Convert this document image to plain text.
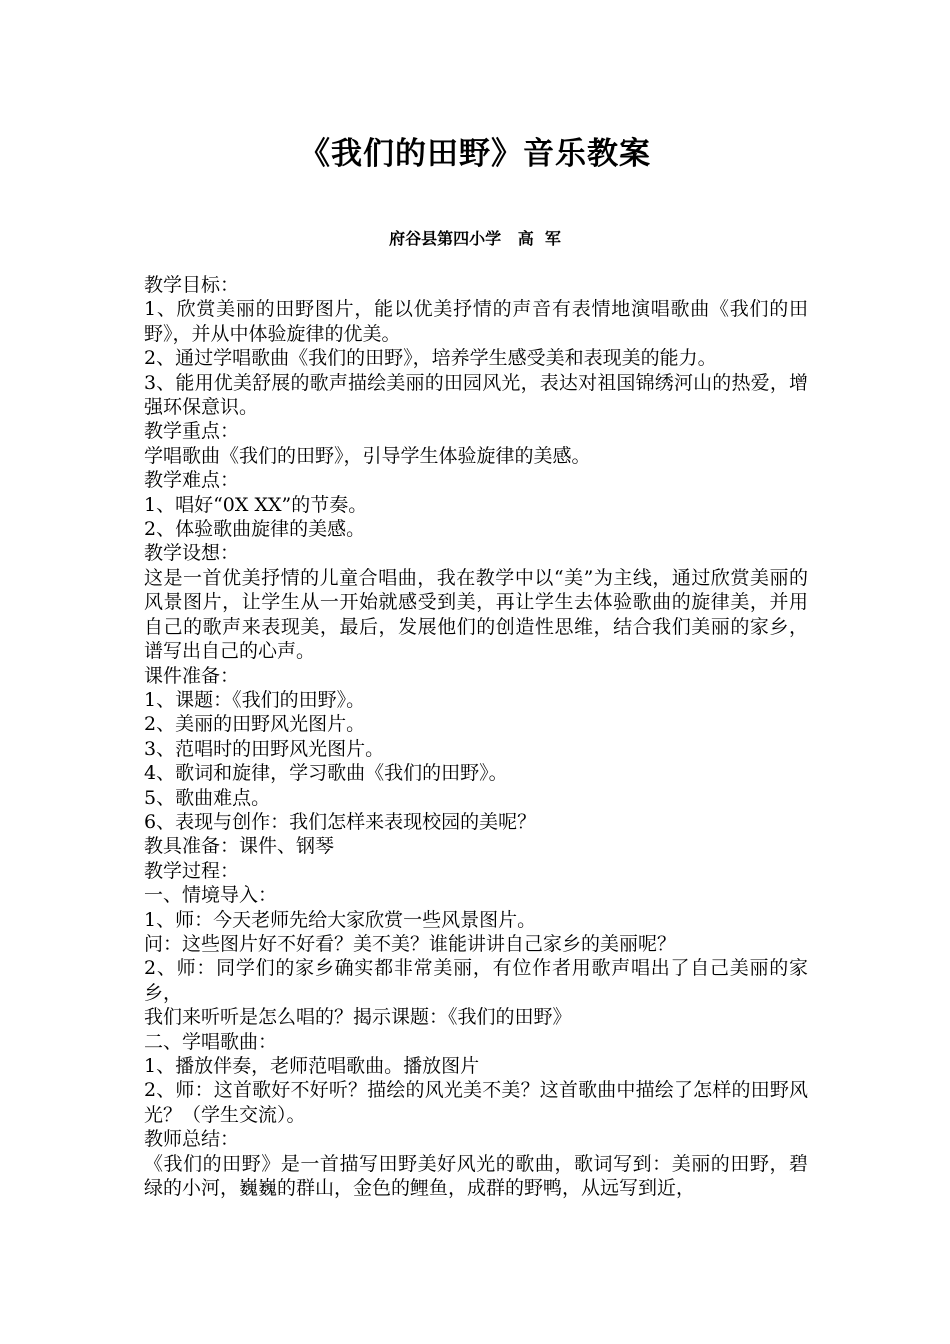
《我们的田野》音乐教案
府谷县第四小学   高  军

教学目标：

1、欣赏美丽的田野图片，能以优美抒情的声音有表情地演唱歌曲《我们的田野》，并从中体验旋律的优美。

2、通过学唱歌曲《我们的田野》，培养学生感受美和表现美的能力。

3、能用优美舒展的歌声描绘美丽的田园风光，表达对祖国锦绣河山的热爱，增强环保意识。

教学重点：

学唱歌曲《我们的田野》，引导学生体验旋律的美感。

教学难点：

1、唱好“0X XX”的节奏。

2、体验歌曲旋律的美感。

教学设想：

这是一首优美抒情的儿童合唱曲，我在教学中以“美”为主线，通过欣赏美丽的风景图片，让学生从一开始就感受到美，再让学生去体验歌曲的旋律美，并用自己的歌声来表现美，最后，发展他们的创造性思维，结合我们美丽的家乡，谱写出自己的心声。

课件准备：

1、课题：《我们的田野》。

2、美丽的田野风光图片。

3、范唱时的田野风光图片。

4、歌词和旋律，学习歌曲《我们的田野》。

5、歌曲难点。

6、表现与创作：我们怎样来表现校园的美呢？

教具准备：课件、钢琴

教学过程：

一、情境导入：

1、师：今天老师先给大家欣赏一些风景图片。

问：这些图片好不好看？美不美？谁能讲讲自己家乡的美丽呢？

2、师：同学们的家乡确实都非常美丽，有位作者用歌声唱出了自己美丽的家乡，

我们来听听是怎么唱的？揭示课题：《我们的田野》

二、学唱歌曲：

1、播放伴奏，老师范唱歌曲。播放图片

2、师：这首歌好不好听？描绘的风光美不美？这首歌曲中描绘了怎样的田野风光？（学生交流）。

教师总结：

《我们的田野》是一首描写田野美好风光的歌曲，歌词写到：美丽的田野，碧绿的小河，巍巍的群山，金色的鲤鱼，成群的野鸭，从远写到近，
